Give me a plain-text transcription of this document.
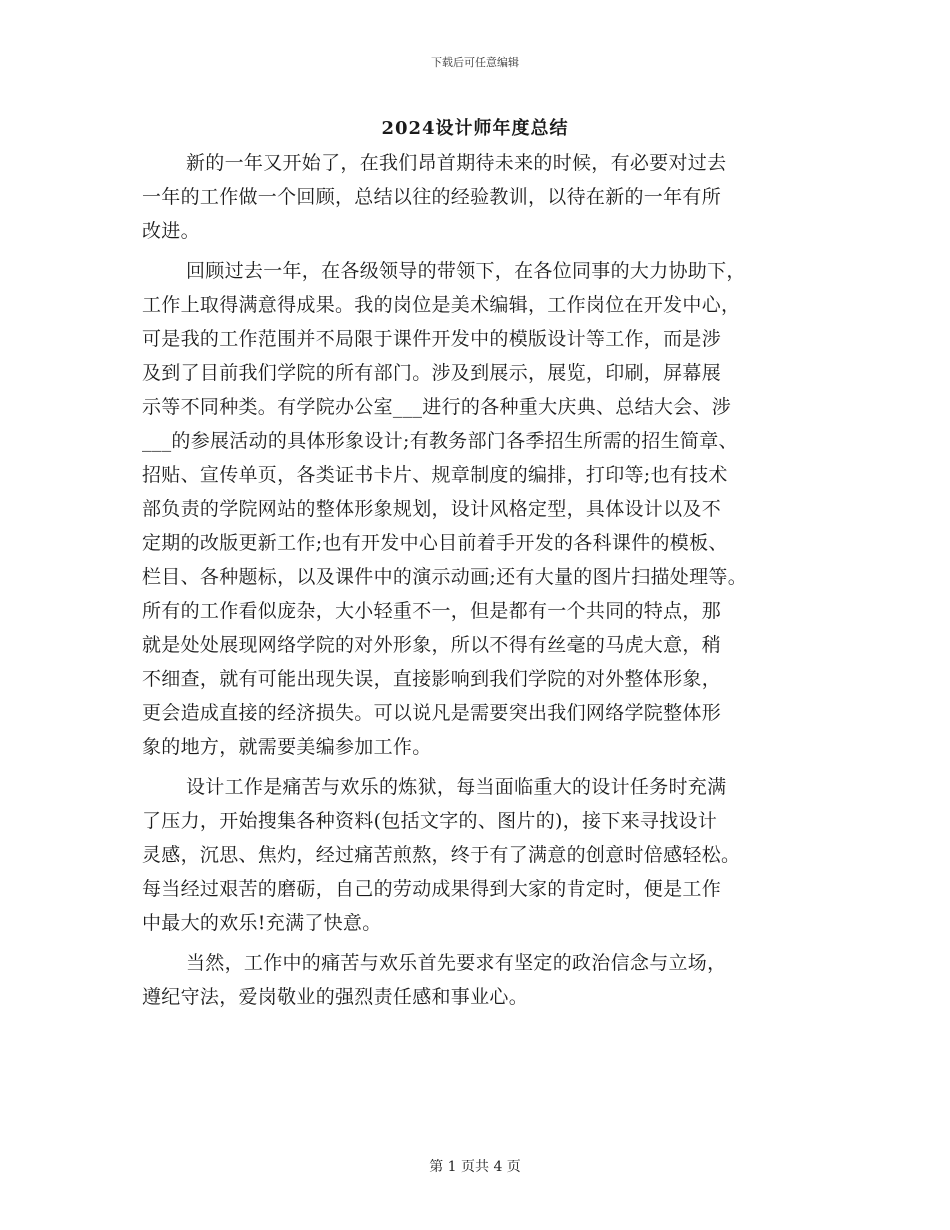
下载后可任意编辑
2024设计师年度总结
新的一年又开始了，在我们昂首期待未来的时候，有必要对过去
一年的工作做一个回顾，总结以往的经验教训，以待在新的一年有所
改进。
回顾过去一年，在各级领导的带领下，在各位同事的大力协助下，
工作上取得满意得成果。我的岗位是美术编辑，工作岗位在开发中心，
可是我的工作范围并不局限于课件开发中的模版设计等工作，而是涉
及到了目前我们学院的所有部门。涉及到展示，展览，印刷，屏幕展
示等不同种类。有学院办公室___进行的各种重大庆典、总结大会、涉
___的参展活动的具体形象设计;有教务部门各季招生所需的招生简章、
招贴、宣传单页，各类证书卡片、规章制度的编排，打印等;也有技术
部负责的学院网站的整体形象规划，设计风格定型，具体设计以及不
定期的改版更新工作;也有开发中心目前着手开发的各科课件的模板、
栏目、各种题标，以及课件中的演示动画;还有大量的图片扫描处理等。
所有的工作看似庞杂，大小轻重不一，但是都有一个共同的特点，那
就是处处展现网络学院的对外形象，所以不得有丝毫的马虎大意，稍
不细查，就有可能出现失误，直接影响到我们学院的对外整体形象，
更会造成直接的经济损失。可以说凡是需要突出我们网络学院整体形
象的地方，就需要美编参加工作。
设计工作是痛苦与欢乐的炼狱，每当面临重大的设计任务时充满
了压力，开始搜集各种资料(包括文字的、图片的)，接下来寻找设计
灵感，沉思、焦灼，经过痛苦煎熬，终于有了满意的创意时倍感轻松。
每当经过艰苦的磨砺，自己的劳动成果得到大家的肯定时，便是工作
中最大的欢乐!充满了快意。
当然，工作中的痛苦与欢乐首先要求有坚定的政治信念与立场，
遵纪守法，爱岗敬业的强烈责任感和事业心。
第 1 页共 4 页
